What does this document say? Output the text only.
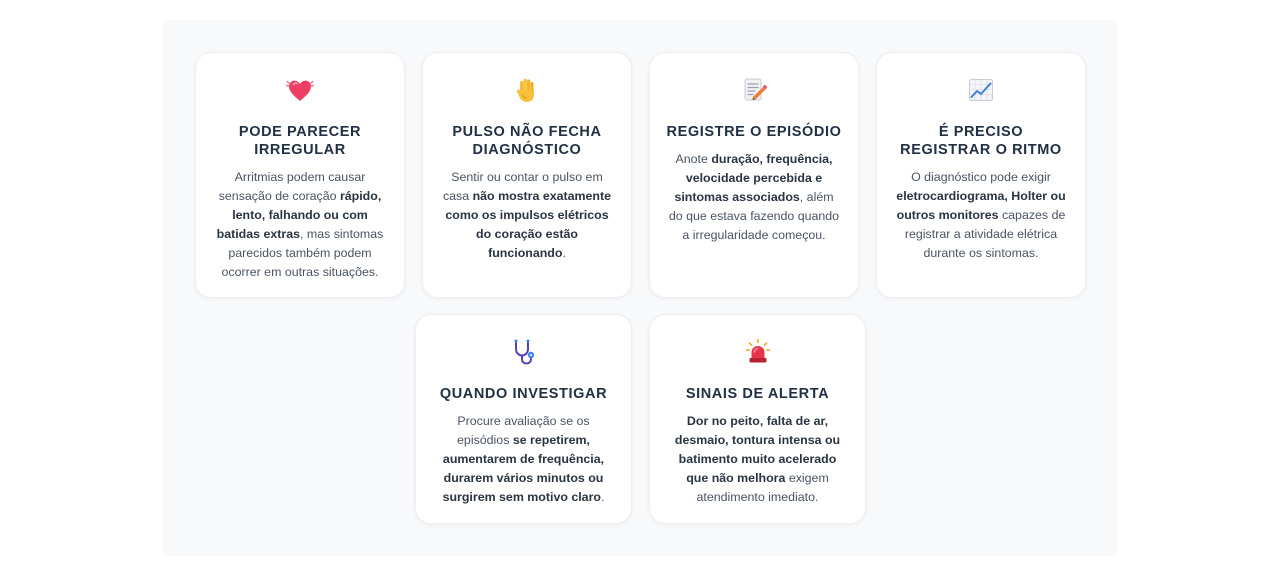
PODE PARECER IRREGULAR
Arritmias podem causar sensação de coração rápido, lento, falhando ou com batidas extras, mas sintomas parecidos também podem ocorrer em outras situações.
PULSO NÃO FECHA DIAGNÓSTICO
Sentir ou contar o pulso em casa não mostra exatamente como os impulsos elétricos do coração estão funcionando.
REGISTRE O EPISÓDIO
Anote duração, frequência, velocidade percebida e sintomas associados, além do que estava fazendo quando a irregularidade começou.
É PRECISO REGISTRAR O RITMO
O diagnóstico pode exigir eletrocardiograma, Holter ou outros monitores capazes de registrar a atividade elétrica durante os sintomas.
QUANDO INVESTIGAR
Procure avaliação se os episódios se repetirem, aumentarem de frequência, durarem vários minutos ou surgirem sem motivo claro.
SINAIS DE ALERTA
Dor no peito, falta de ar, desmaio, tontura intensa ou batimento muito acelerado que não melhora exigem atendimento imediato.
